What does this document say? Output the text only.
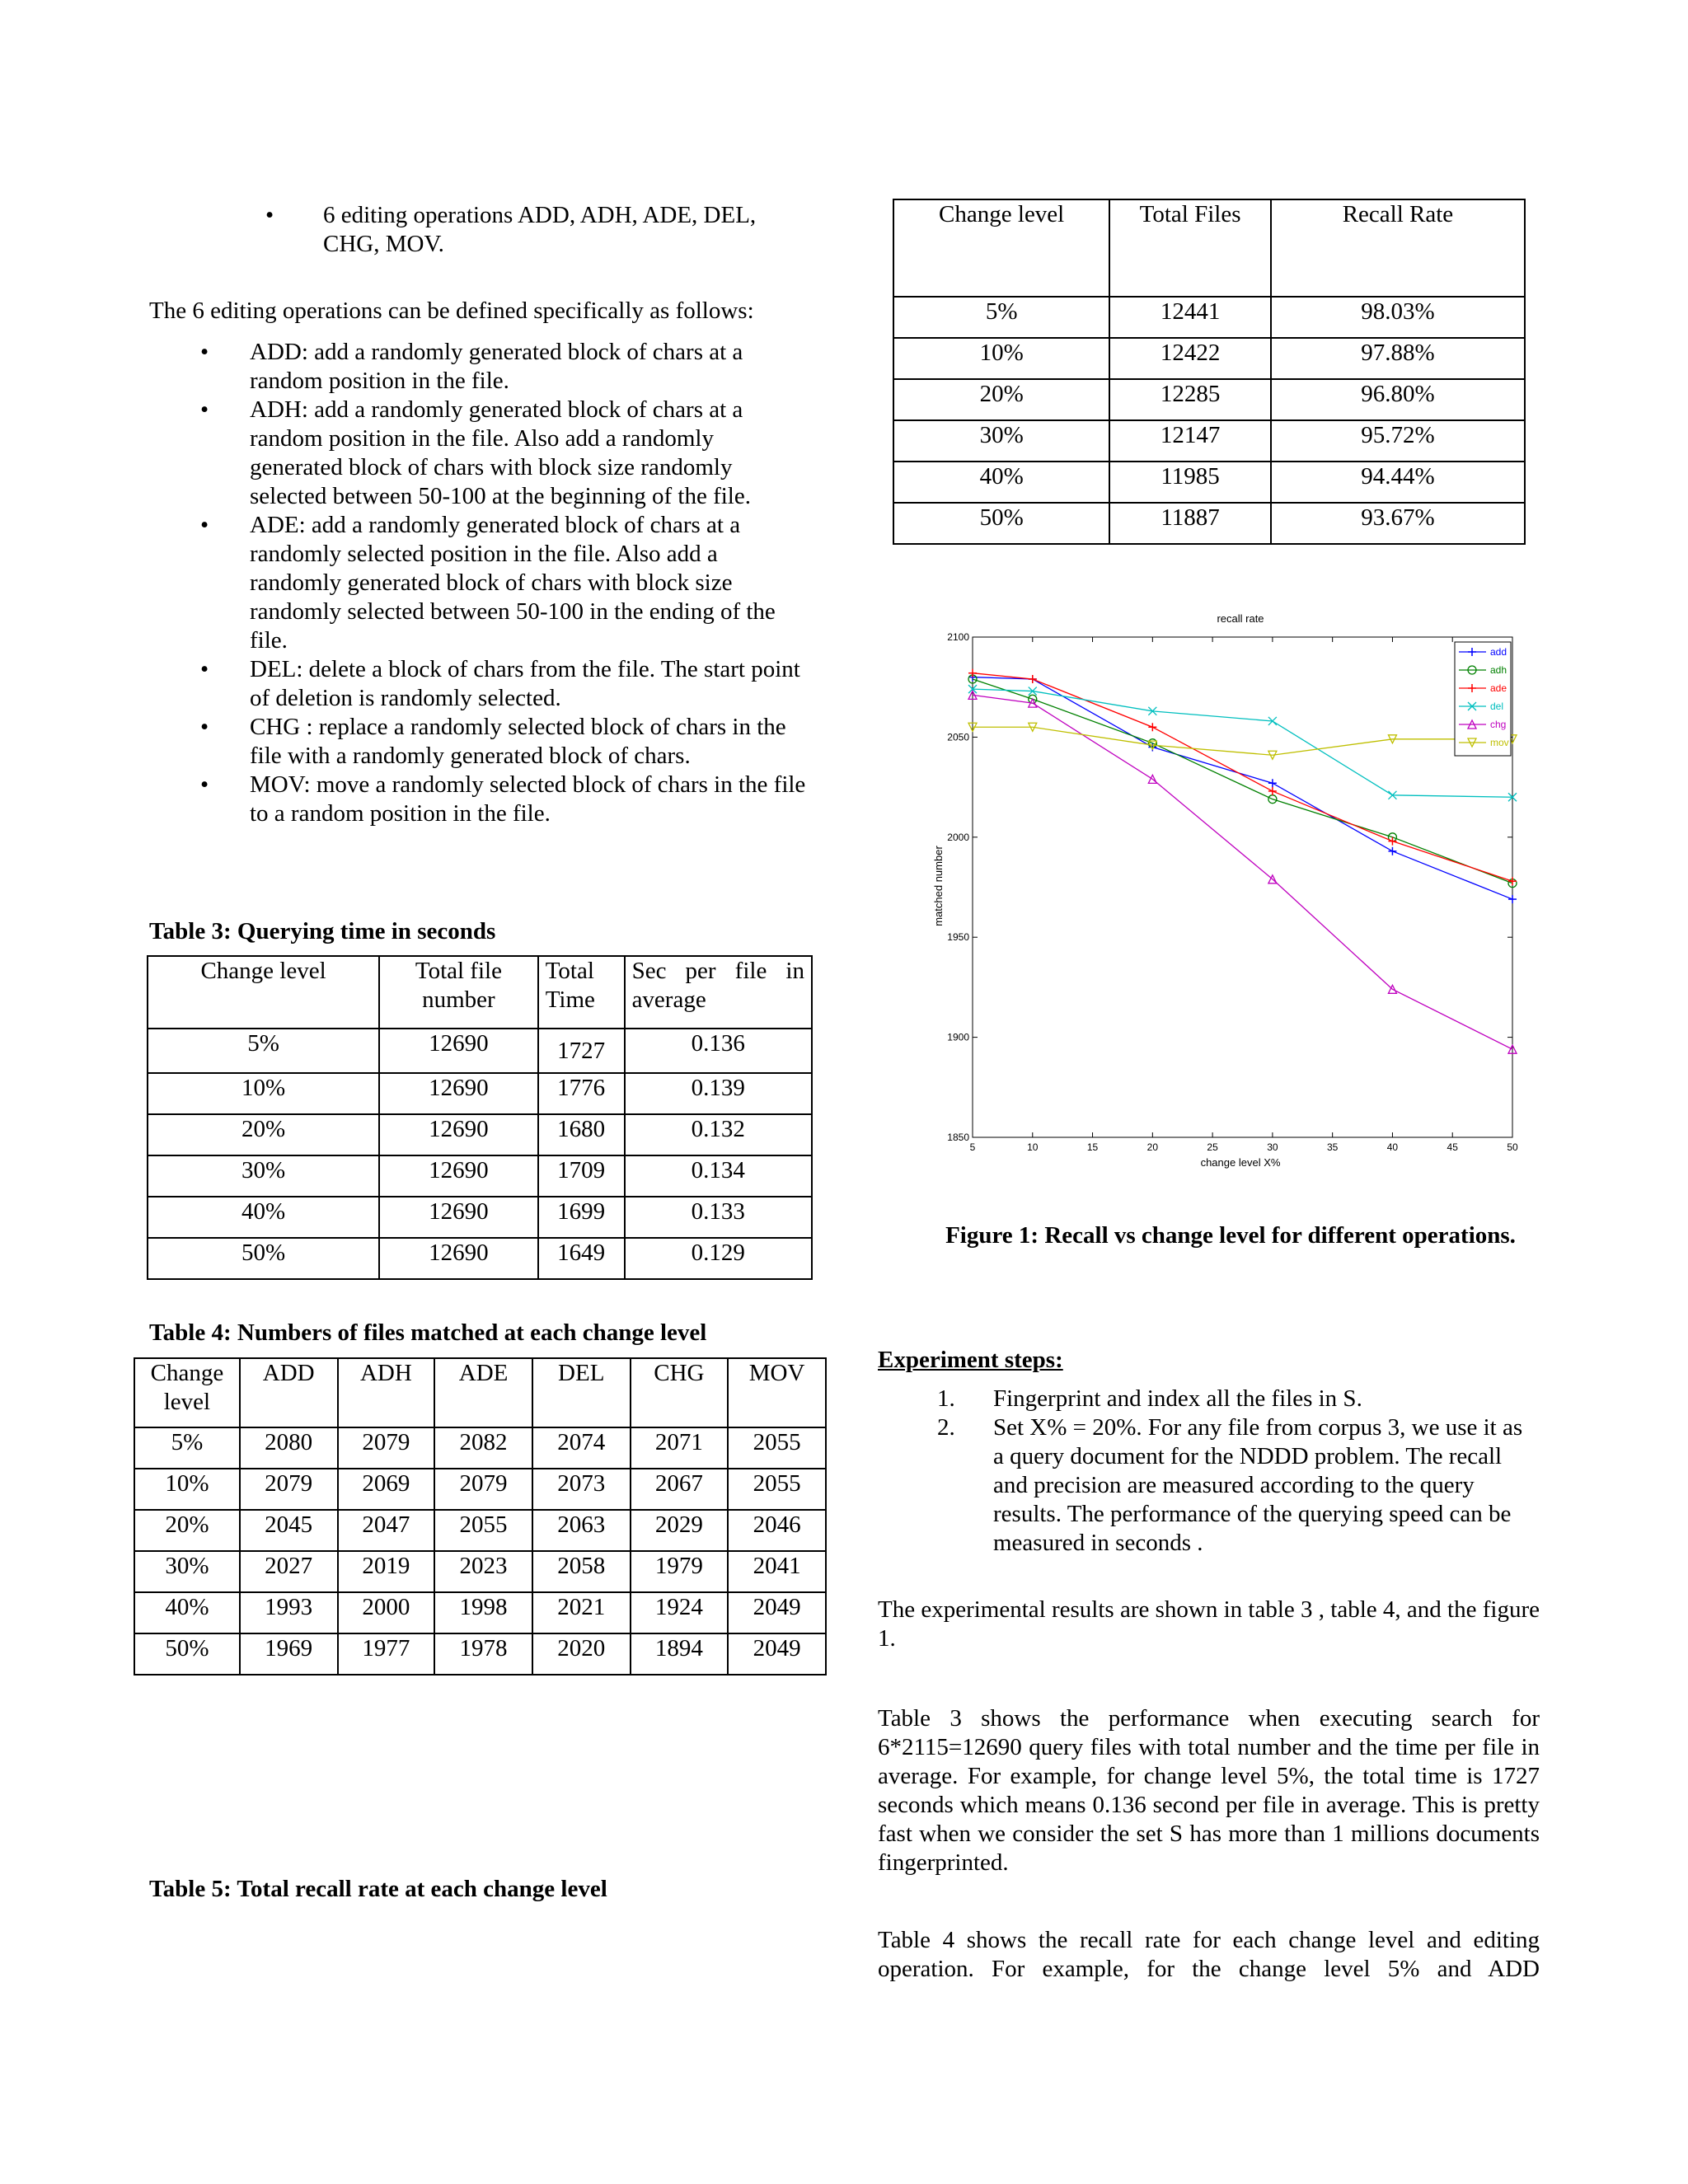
•	6 editing operations ADD, ADH, ADE, DEL, CHG, MOV.
The 6 editing operations can be defined specifically as follows:
• ADD: add a randomly generated block of chars at a random position in the file.
• ADH: add a randomly generated block of chars at a random position in the file. Also add a randomly generated block of chars with block size randomly selected between 50-100 at the beginning of the file.
• ADE: add a randomly generated block of chars at a randomly selected position in the file. Also add a randomly generated block of chars with block size randomly selected between 50-100 in the ending of the file.
• DEL: delete a block of chars from the file. The start point of deletion is randomly selected.
• CHG : replace a randomly selected block of chars in the file with a randomly generated block of chars.
• MOV: move a randomly selected block of chars in the file to a random position in the file.
Table 3: Querying time in seconds
Change level	Total file number	Total Time	Sec per file in average
5%	12690	1727	0.136
10%	12690	1776	0.139
20%	12690	1680	0.132
30%	12690	1709	0.134
40%	12690	1699	0.133
50%	12690	1649	0.129
Table 4: Numbers of files matched at each change level
Change level	ADD	ADH	ADE	DEL	CHG	MOV
5%	2080	2079	2082	2074	2071	2055
10%	2079	2069	2079	2073	2067	2055
20%	2045	2047	2055	2063	2029	2046
30%	2027	2019	2023	2058	1979	2041
40%	1993	2000	1998	2021	1924	2049
50%	1969	1977	1978	2020	1894	2049
Table 5: Total recall rate at each change level
Change level	Total Files	Recall Rate
5%	12441	98.03%
10%	12422	97.88%
20%	12285	96.80%
30%	12147	95.72%
40%	11985	94.44%
50%	11887	93.67%
5	10	15	20	25	30	35	40	45	50
1850
1900
1950
2000
2050
2100
add
adh
ade
del
chg
mov
recall rate
change level X%
matched number
Figure 1: Recall vs change level for different operations.
Experiment steps:
1. Fingerprint and index all the files in S.
2. Set X% = 20%. For any file from corpus 3, we use it as a query document for the NDDD problem. The recall and precision are measured according to the query results. The performance of the querying speed can be measured in seconds .
The experimental results are shown in table 3 , table 4, and the figure 1.
Table 3 shows the performance when executing search for 6*2115=12690 query files with total number and the time per file in average. For example, for change level 5%, the total time is 1727 seconds which means 0.136 second per file in average. This is pretty fast when we consider the set S has more than 1 millions documents fingerprinted.
Table 4 shows the recall rate for each change level and editing
operation. For example, for the change level 5% and ADD
